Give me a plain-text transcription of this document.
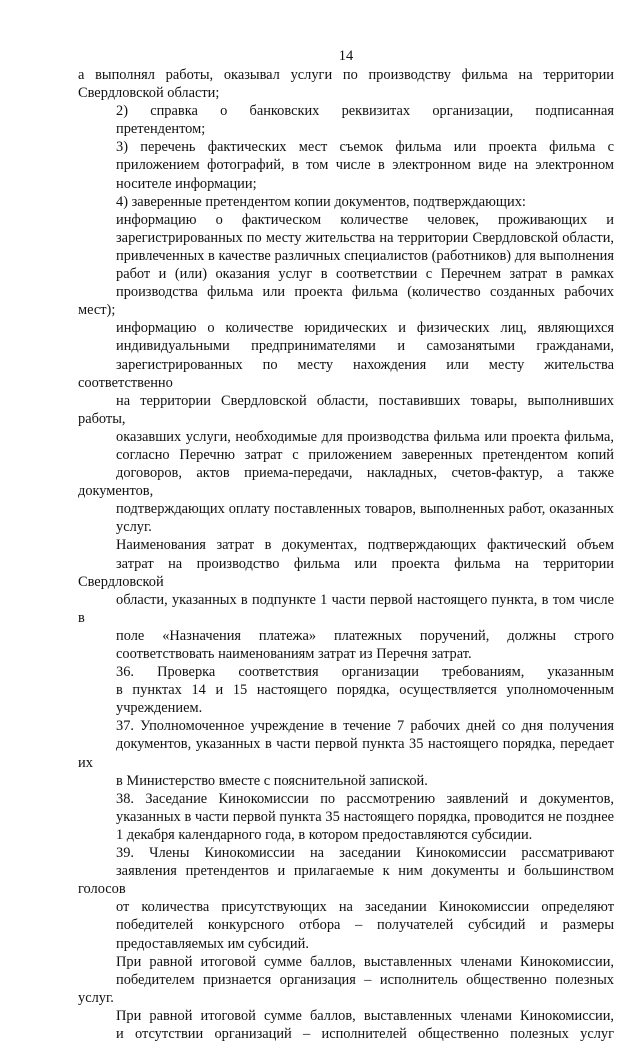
14
а выполнял работы, оказывал услуги по производству фильма на территории
Свердловской области;
2) справка о банковских реквизитах организации, подписанная
претендентом;
3) перечень фактических мест съемок фильма или проекта фильма с
приложением фотографий, в том числе в электронном виде на электронном
носителе информации;
4) заверенные претендентом копии документов, подтверждающих:
информацию о фактическом количестве человек, проживающих и
зарегистрированных по месту жительства на территории Свердловской области,
привлеченных в качестве различных специалистов (работников) для выполнения
работ и (или) оказания услуг в соответствии с Перечнем затрат в рамках
производства фильма или проекта фильма (количество созданных рабочих мест);
информацию о количестве юридических и физических лиц, являющихся
индивидуальными предпринимателями и самозанятыми гражданами,
зарегистрированных по месту нахождения или месту жительства соответственно
на территории Свердловской области, поставивших товары, выполнивших работы,
оказавших услуги, необходимые для производства фильма или проекта фильма,
согласно Перечню затрат с приложением заверенных претендентом копий
договоров, актов приема-передачи, накладных, счетов-фактур, а также документов,
подтверждающих оплату поставленных товаров, выполненных работ, оказанных
услуг.
Наименования затрат в документах, подтверждающих фактический объем
затрат на производство фильма или проекта фильма на территории Свердловской
области, указанных в подпункте 1 части первой настоящего пункта, в том числе в
поле «Назначения платежа» платежных поручений, должны строго
соответствовать наименованиям затрат из Перечня затрат.
36. Проверка соответствия организации требованиям, указанным
в пунктах 14 и 15 настоящего порядка, осуществляется уполномоченным
учреждением.
37. Уполномоченное учреждение в течение 7 рабочих дней со дня получения
документов, указанных в части первой пункта 35 настоящего порядка, передает их
в Министерство вместе с пояснительной запиской.
38. Заседание Кинокомиссии по рассмотрению заявлений и документов,
указанных в части первой пункта 35 настоящего порядка, проводится не позднее
1 декабря календарного года, в котором предоставляются субсидии.
39. Члены Кинокомиссии на заседании Кинокомиссии рассматривают
заявления претендентов и прилагаемые к ним документы и большинством голосов
от количества присутствующих на заседании Кинокомиссии определяют
победителей конкурсного отбора – получателей субсидий и размеры
предоставляемых им субсидий.
При равной итоговой сумме баллов, выставленных членами Кинокомиссии,
победителем признается организация – исполнитель общественно полезных услуг.
При равной итоговой сумме баллов, выставленных членами Кинокомиссии,
и отсутствии организаций – исполнителей общественно полезных услуг
